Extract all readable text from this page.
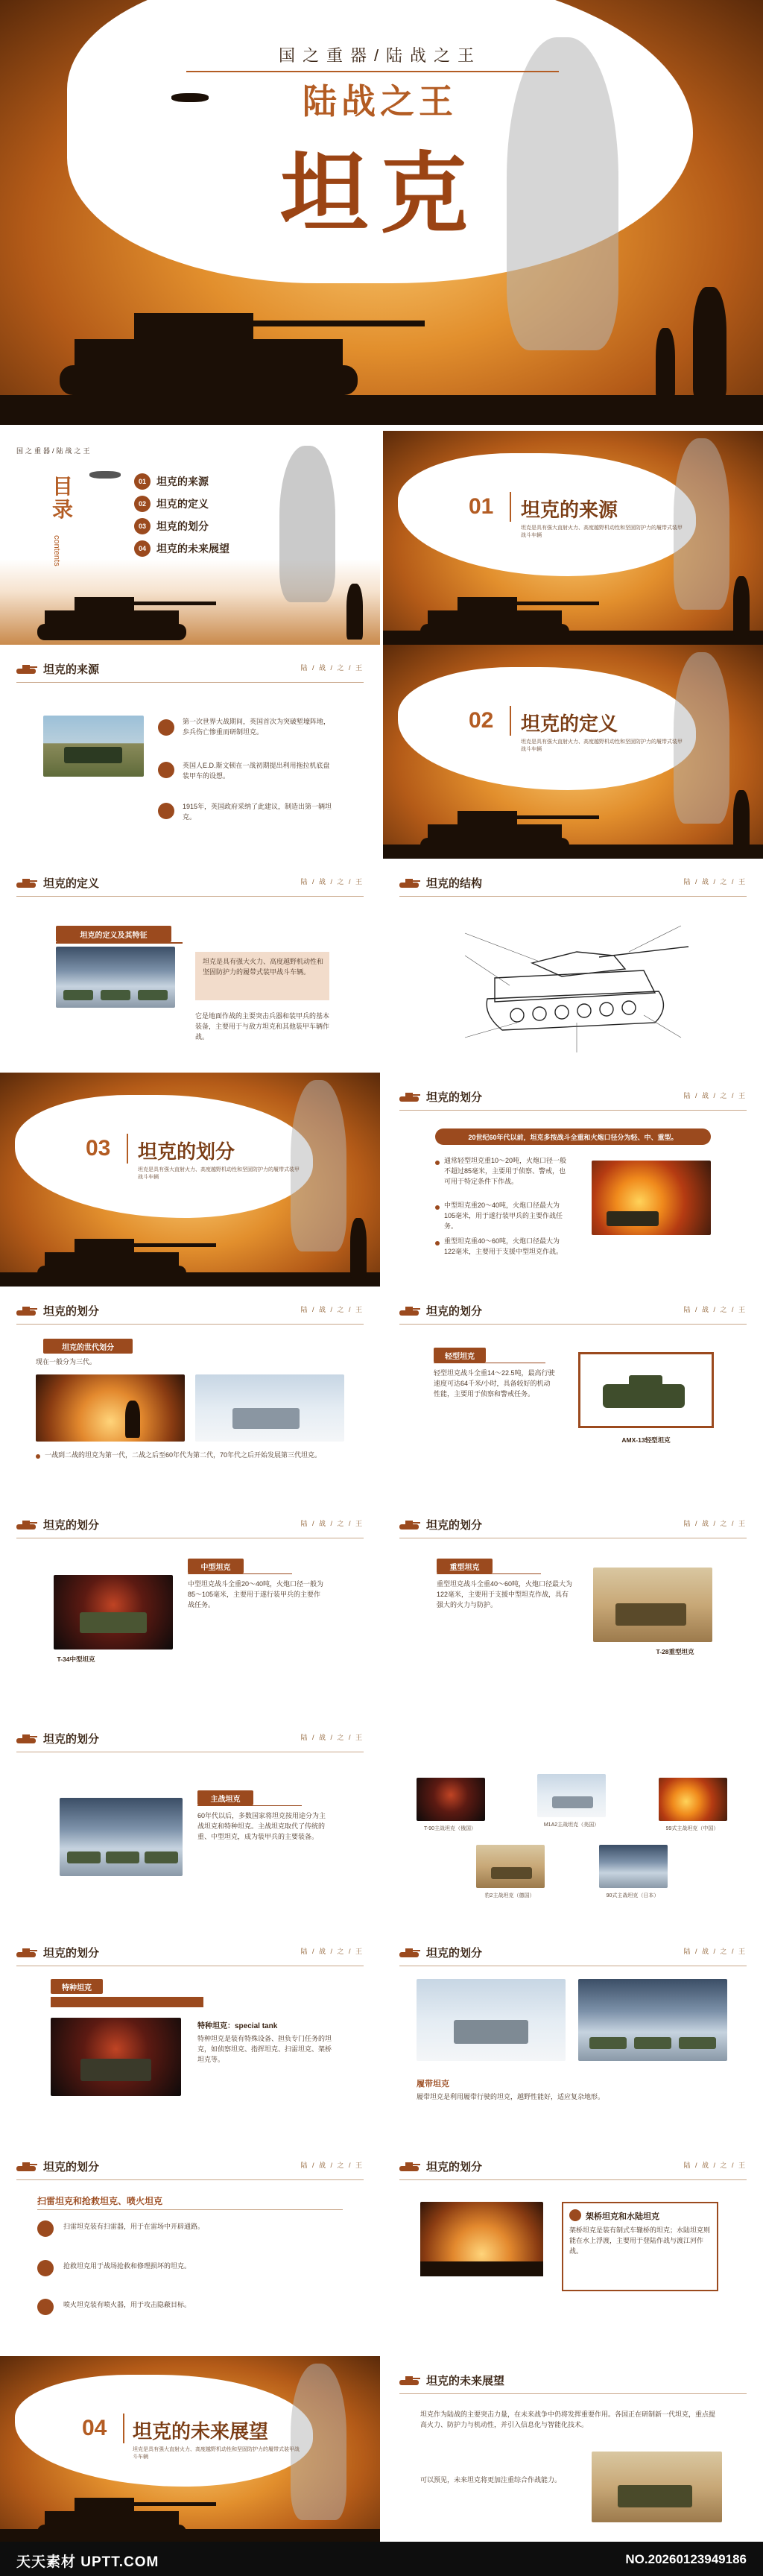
国之重器/陆战之王
陆战之王
坦克
坦克是具有强大直射火力、高度越野机动性和坚固防护力的
履带式装甲战斗车辆
国之重器/陆战之王
目录
contents
01	坦克的来源
02	坦克的定义
03	坦克的划分
04	坦克的未来展望
01 坦克的来源
坦克是具有强大直射火力、高度越野机动性和坚固防护力的履带式装甲战斗车辆
坦克的来源	陆 / 战 / 之 / 王
第一次世界大战期间，英国首次为突破堑壕阵地，歩兵伤亡惨重而研制坦克。
英国人E.D.斯文顿在一战初期提出利用拖拉机底盘装甲车的设想。
1915年，英国政府采纳了此建议，制造出第一辆坦克。
02 坦克的定义
坦克是具有强大直射火力、高度越野机动性和坚固防护力的履带式装甲战斗车辆
坦克的定义	陆 / 战 / 之 / 王
坦克的定义及其特征
坦克是具有强大火力、高度越野机动性和坚固防护力的履带式装甲战斗车辆。
它是地面作战的主要突击兵器和装甲兵的基本装备，主要用于与敌方坦克和其他装甲车辆作战。
坦克的结构	陆 / 战 / 之 / 王
03 坦克的划分
坦克是具有强大直射火力、高度越野机动性和坚固防护力的履带式装甲战斗车辆
坦克的划分	陆 / 战 / 之 / 王
20世纪60年代以前，坦克多按战斗全重和火炮口径分为轻、中、重型。
通常轻型坦克重10～20吨，火炮口径一般不超过85毫米，主要用于侦察、警戒，也可用于特定条件下作战。
中型坦克重20～40吨，火炮口径最大为105毫米，用于遂行装甲兵的主要作战任务。
重型坦克重40～60吨，火炮口径最大为122毫米，主要用于支援中型坦克作战。
坦克的划分	陆 / 战 / 之 / 王
坦克的世代划分
现在一般分为三代。
一战到二战的坦克为第一代，二战之后至60年代为第二代，70年代之后开始发展第三代坦克。
坦克的划分	陆 / 战 / 之 / 王
轻型坦克
轻型坦克战斗全重14～22.5吨，最高行驶速度可达64千米/小时，具备较好的机动性能，主要用于侦察和警戒任务。
AMX-13轻型坦克
坦克的划分	陆 / 战 / 之 / 王
T-34中型坦克
中型坦克
中型坦克战斗全重20～40吨，火炮口径一般为85～105毫米，主要用于遂行装甲兵的主要作战任务。
坦克的划分	陆 / 战 / 之 / 王
重型坦克
重型坦克战斗全重40～60吨，火炮口径最大为122毫米，主要用于支援中型坦克作战，具有强大的火力与防护。
T-28重型坦克
坦克的划分	陆 / 战 / 之 / 王
主战坦克
60年代以后，多数国家将坦克按用途分为主战坦克和特种坦克。主战坦克取代了传统的重、中型坦克，成为装甲兵的主要装备。
T-90主战坦克（俄国）
M1A2主战坦克（美国）
99式主战坦克（中国）
豹2主战坦克（德国）	90式主战坦克（日本）
坦克的划分	陆 / 战 / 之 / 王
特种坦克
特种坦克：special tank
特种坦克是装有特殊设备、担负专门任务的坦克，如侦察坦克、指挥坦克、扫雷坦克、架桥坦克等。
坦克的划分	陆 / 战 / 之 / 王
履带坦克
履带坦克是利用履带行驶的坦克，越野性能好，适应复杂地形。
坦克的划分	陆 / 战 / 之 / 王
扫雷坦克和抢救坦克、喷火坦克
扫雷坦克装有扫雷器，用于在雷场中开辟通路。
抢救坦克用于战场抢救和修理损坏的坦克。
喷火坦克装有喷火器，用于攻击隐蔽目标。
坦克的划分	陆 / 战 / 之 / 王
架桥坦克和水陆坦克
架桥坦克是装有制式车辙桥的坦克；水陆坦克则能在水上浮渡，主要用于登陆作战与渡江河作战。
04 坦克的未来展望
坦克是具有强大直射火力、高度越野机动性和坚固防护力的履带式装甲战斗车辆
坦克的未来展望
坦克作为陆战的主要突击力量，在未来战争中仍将发挥重要作用。各国正在研制新一代坦克，重点提高火力、防护力与机动性，并引入信息化与智能化技术。
可以预见，未来坦克将更加注重综合作战能力。
天天素材 UPTT.COM	NO.20260123949186
